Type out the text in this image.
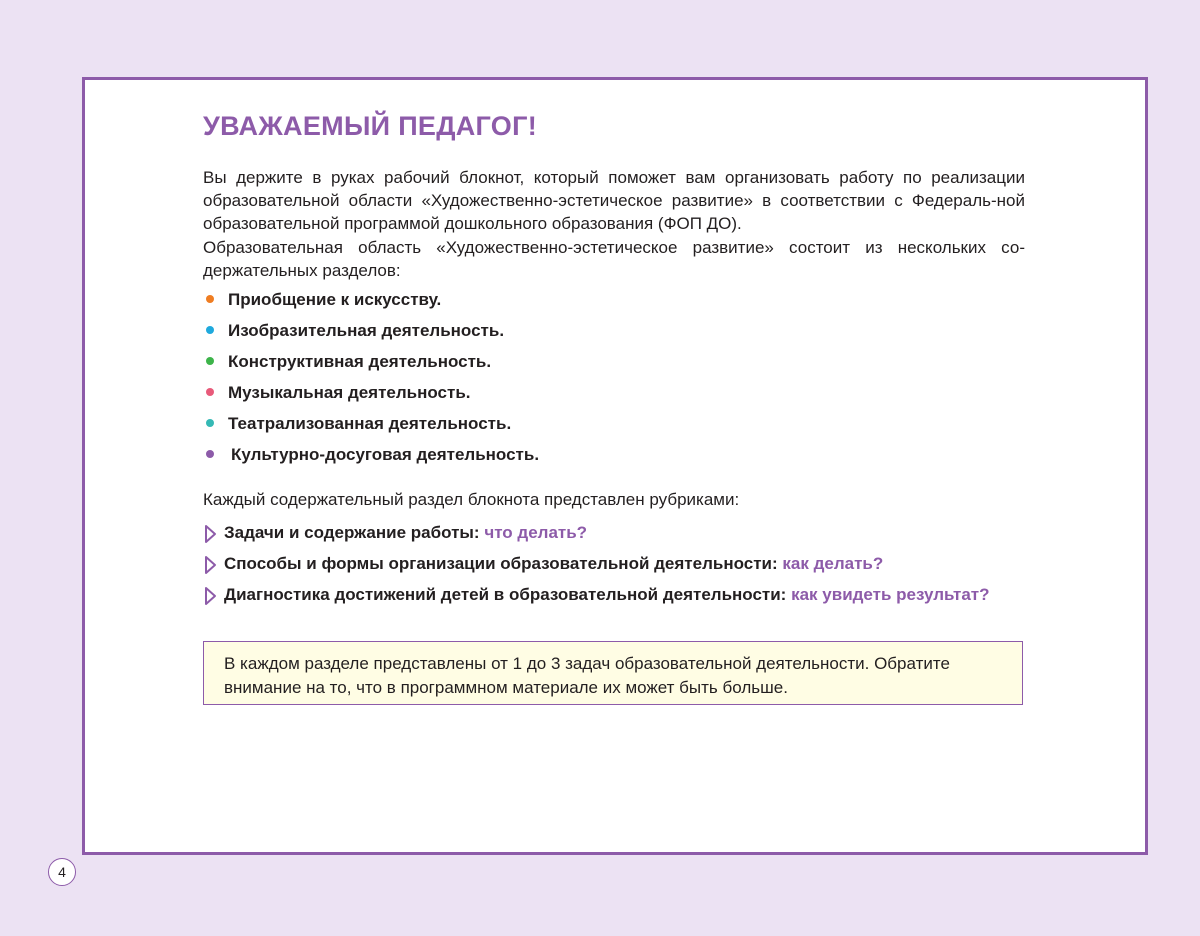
УВАЖАЕМЫЙ ПЕДАГОГ!

Вы держите в руках рабочий блокнот, который поможет вам организовать работу по реализации образовательной области «Художественно-эстетическое развитие» в соответствии с Федераль-ной образовательной программой дошкольного образования (ФОП ДО).

Образовательная область «Художественно-эстетическое развитие» состоит из нескольких со-держательных разделов:

Приобщение к искусству.
Изобразительная деятельность.
Конструктивная деятельность.
Музыкальная деятельность.
Театрализованная деятельность.
Культурно-досуговая деятельность.

Каждый содержательный раздел блокнота представлен рубриками:

Задачи и содержание работы: что делать?
Способы и формы организации образовательной деятельности: как делать?
Диагностика достижений детей в образовательной деятельности: как увидеть результат?
В каждом разделе представлены от 1 до 3 задач образовательной деятельности. Обратите внимание на то, что в программном материале их может быть больше.
4
